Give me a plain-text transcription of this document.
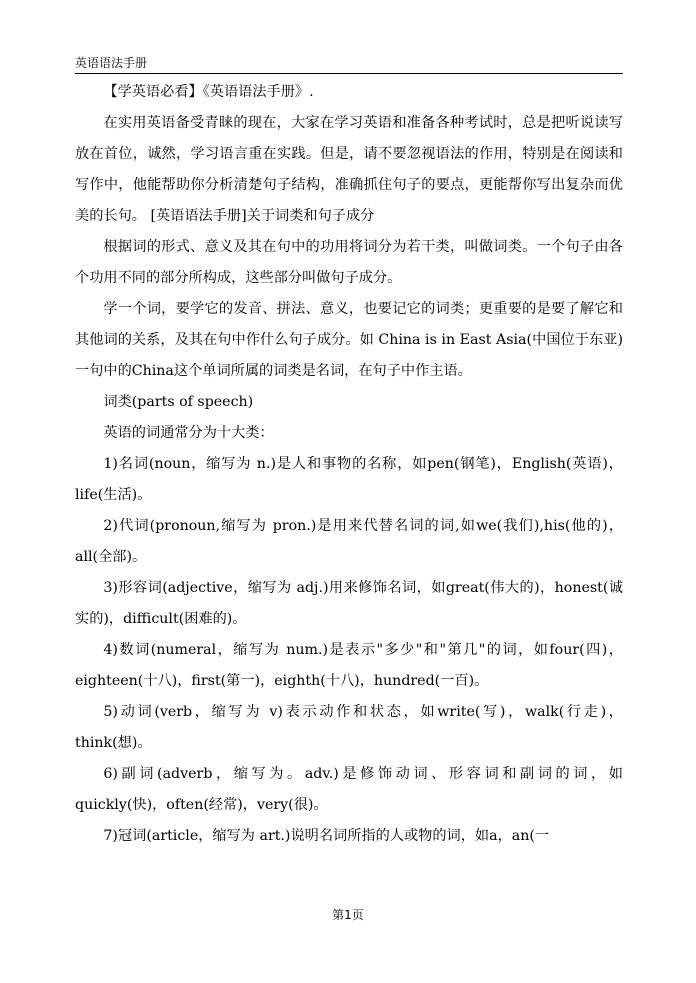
英语语法手册

【学英语必看】《英语语法手册》.

在实用英语备受青睐的现在，大家在学习英语和准备各种考试时，总是把听说读写放在首位，诚然，学习语言重在实践。但是，请不要忽视语法的作用，特别是在阅读和写作中，他能帮助你分析清楚句子结构，准确抓住句子的要点，更能帮你写出复杂而优美的长句。 [英语语法手册]关于词类和句子成分

根据词的形式、意义及其在句中的功用将词分为若干类，叫做词类。一个句子由各个功用不同的部分所构成，这些部分叫做句子成分。

学一个词，要学它的发音、拼法、意义，也要记它的词类；更重要的是要了解它和其他词的关系，及其在句中作什么句子成分。如 China is in East Asia(中国位于东亚)一句中的China这个单词所属的词类是名词，在句子中作主语。

词类(parts of speech)

英语的词通常分为十大类：

1)名词(noun，缩写为 n.)是人和事物的名称，如pen(钢笔)，English(英语)，life(生活)。

2)代词(pronoun,缩写为 pron.)是用来代替名词的词,如we(我们),his(他的)，all(全部)。

3)形容词(adjective，缩写为 adj.)用来修饰名词，如great(伟大的)，honest(诚实的)，difficult(困难的)。

4)数词(numeral，缩写为 num.)是表示"多少"和"第几"的词，如four(四)，eighteen(十八)，first(第一)，eighth(十八)，hundred(一百)。

5)动词(verb，缩写为 v)表示动作和状态，如write(写)，walk(行走)，think(想)。

6)副词(adverb，缩写为。adv.)是修饰动词、形容词和副词的词，如quickly(快)，often(经常)，very(很)。

7)冠词(article，缩写为 art.)说明名词所指的人或物的词，如a，an(一

第1页
